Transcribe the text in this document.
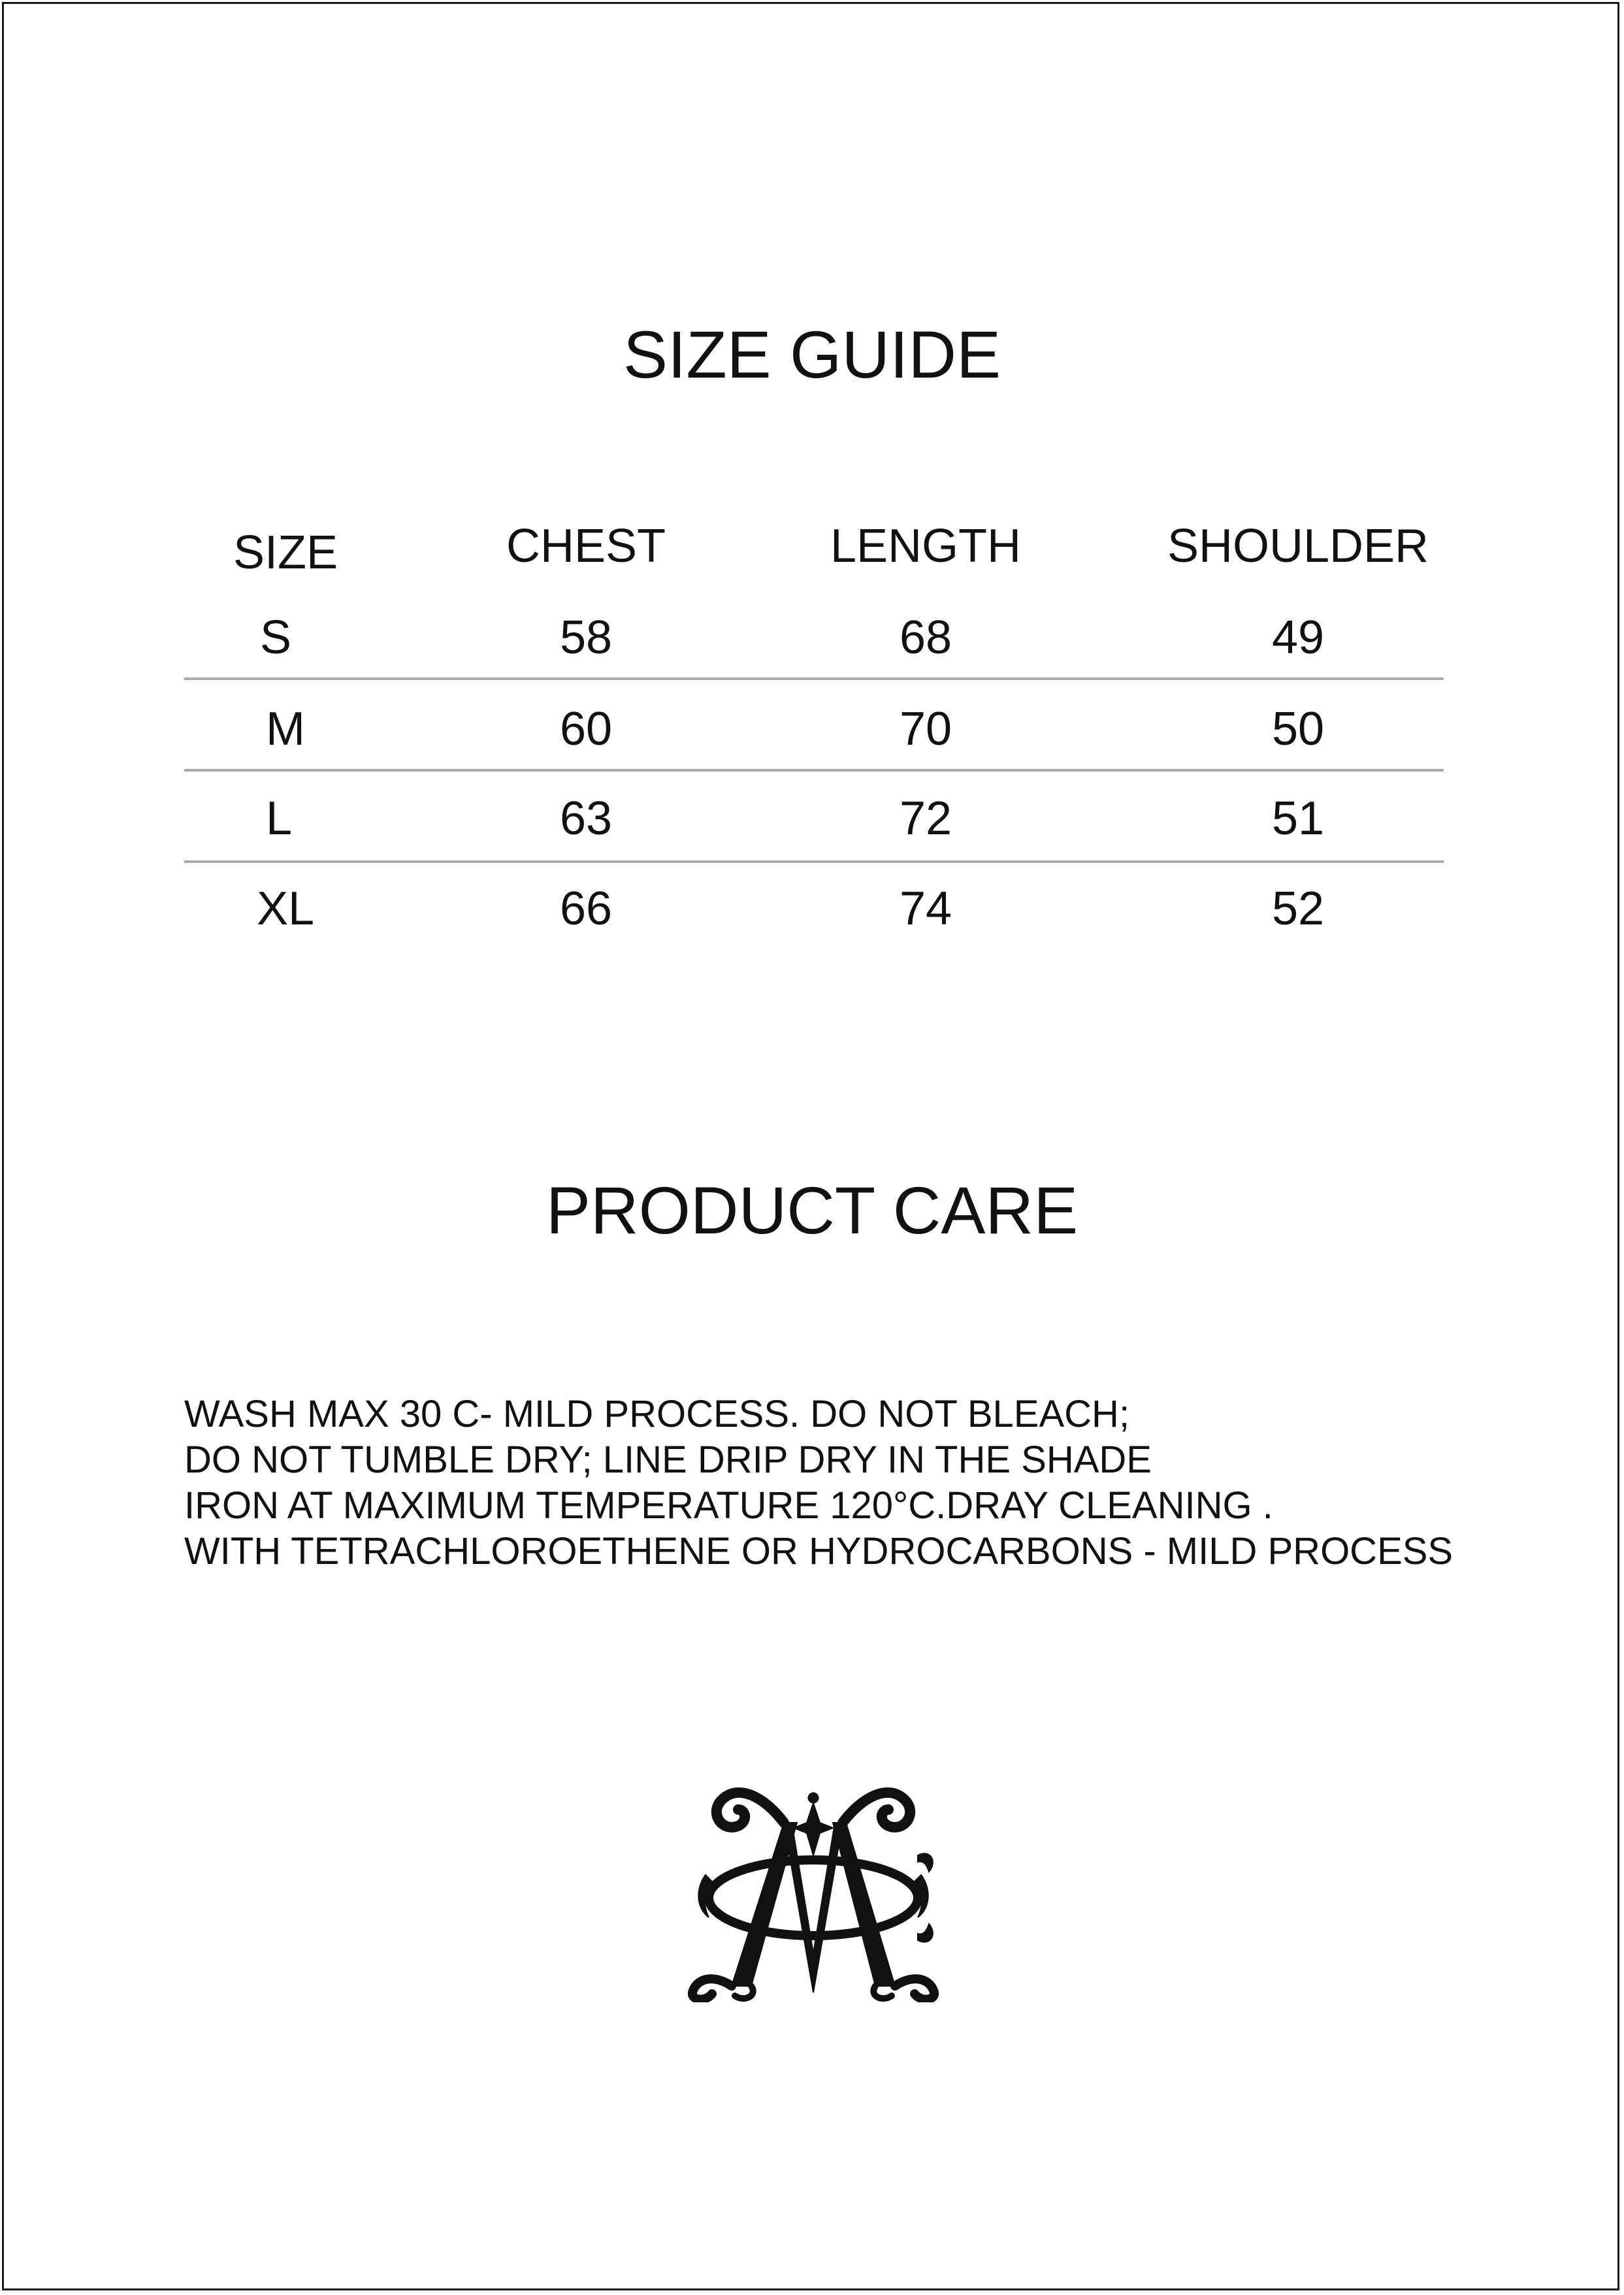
SIZE GUIDE
SIZE	CHEST	LENGTH	SHOULDER
S	58	68	49
M	60	70	50
L	63	72	51
XL	66	74	52
PRODUCT CARE
WASH MAX 30 C- MILD PROCESS. DO NOT BLEACH;
DO NOT TUMBLE DRY; LINE DRIP DRY IN THE SHADE
IRON AT MAXIMUM TEMPERATURE 120°C.DRAY CLEANING .
WITH TETRACHLOROETHENE OR HYDROCARBONS - MILD PROCESS
